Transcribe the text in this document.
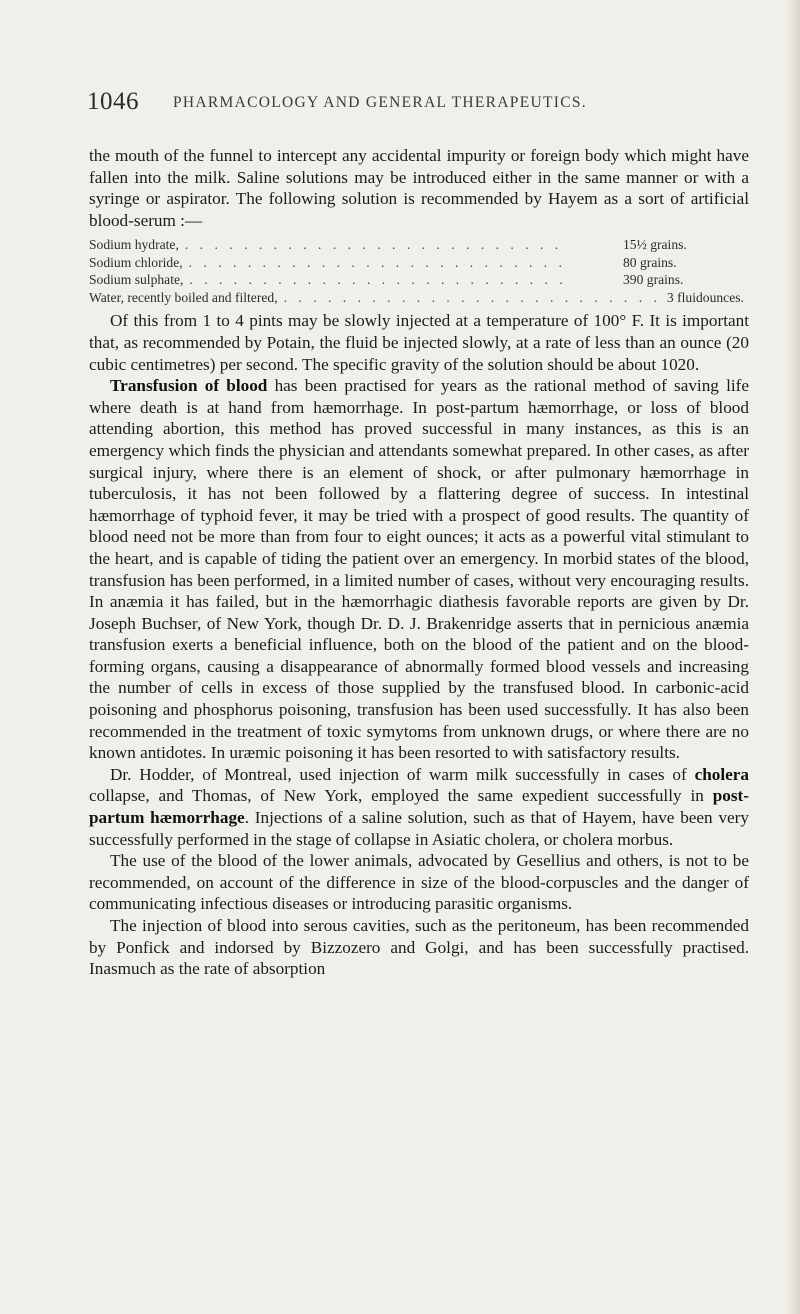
1046 PHARMACOLOGY AND GENERAL THERAPEUTICS.

the mouth of the funnel to intercept any accidental impurity or foreign body which might have fallen into the milk. Saline solutions may be introduced either in the same manner or with a syringe or aspirator. The following solution is recommended by Hayem as a sort of artificial blood-serum :—

Sodium hydrate, . . . . . . . . . . . . . . . . . . . . . . . . . .	15½ grains.
Sodium chloride, . . . . . . . . . . . . . . . . . . . . . . . . . .	80 grains.
Sodium sulphate, . . . . . . . . . . . . . . . . . . . . . . . . . .	390 grains.
Water, recently boiled and filtered, . . . . . . . . . . . . . . . . . . . . . . . . . . 3 fluidounces.

Of this from 1 to 4 pints may be slowly injected at a temperature of 100° F. It is important that, as recommended by Potain, the fluid be injected slowly, at a rate of less than an ounce (20 cubic centimetres) per second. The specific gravity of the solution should be about 1020.

Transfusion of blood has been practised for years as the rational method of saving life where death is at hand from hæmorrhage. In post-partum hæmorrhage, or loss of blood attending abortion, this method has proved successful in many instances, as this is an emergency which finds the physician and attendants somewhat prepared. In other cases, as after surgical injury, where there is an element of shock, or after pulmonary hæmorrhage in tuberculosis, it has not been followed by a flattering degree of success. In intestinal hæmorrhage of typhoid fever, it may be tried with a prospect of good results. The quantity of blood need not be more than from four to eight ounces; it acts as a powerful vital stimulant to the heart, and is capable of tiding the patient over an emergency. In morbid states of the blood, transfusion has been performed, in a limited number of cases, without very encouraging results. In anæmia it has failed, but in the hæmorrhagic diathesis favorable reports are given by Dr. Joseph Buchser, of New York, though Dr. D. J. Brakenridge asserts that in pernicious anæmia transfusion exerts a beneficial influence, both on the blood of the patient and on the blood-forming organs, causing a disappearance of abnormally formed blood vessels and increasing the number of cells in excess of those supplied by the transfused blood. In carbonic-acid poisoning and phosphorus poisoning, transfusion has been used successfully. It has also been recommended in the treatment of toxic symytoms from unknown drugs, or where there are no known antidotes. In uræmic poisoning it has been resorted to with satisfactory results.

Dr. Hodder, of Montreal, used injection of warm milk successfully in cases of cholera collapse, and Thomas, of New York, employed the same expedient successfully in post-partum hæmorrhage. Injections of a saline solution, such as that of Hayem, have been very successfully performed in the stage of collapse in Asiatic cholera, or cholera morbus.

The use of the blood of the lower animals, advocated by Gesellius and others, is not to be recommended, on account of the difference in size of the blood-corpuscles and the danger of communicating infectious diseases or introducing parasitic organisms.

The injection of blood into serous cavities, such as the peritoneum, has been recommended by Ponfick and indorsed by Bizzozero and Golgi, and has been successfully practised. Inasmuch as the rate of absorption
